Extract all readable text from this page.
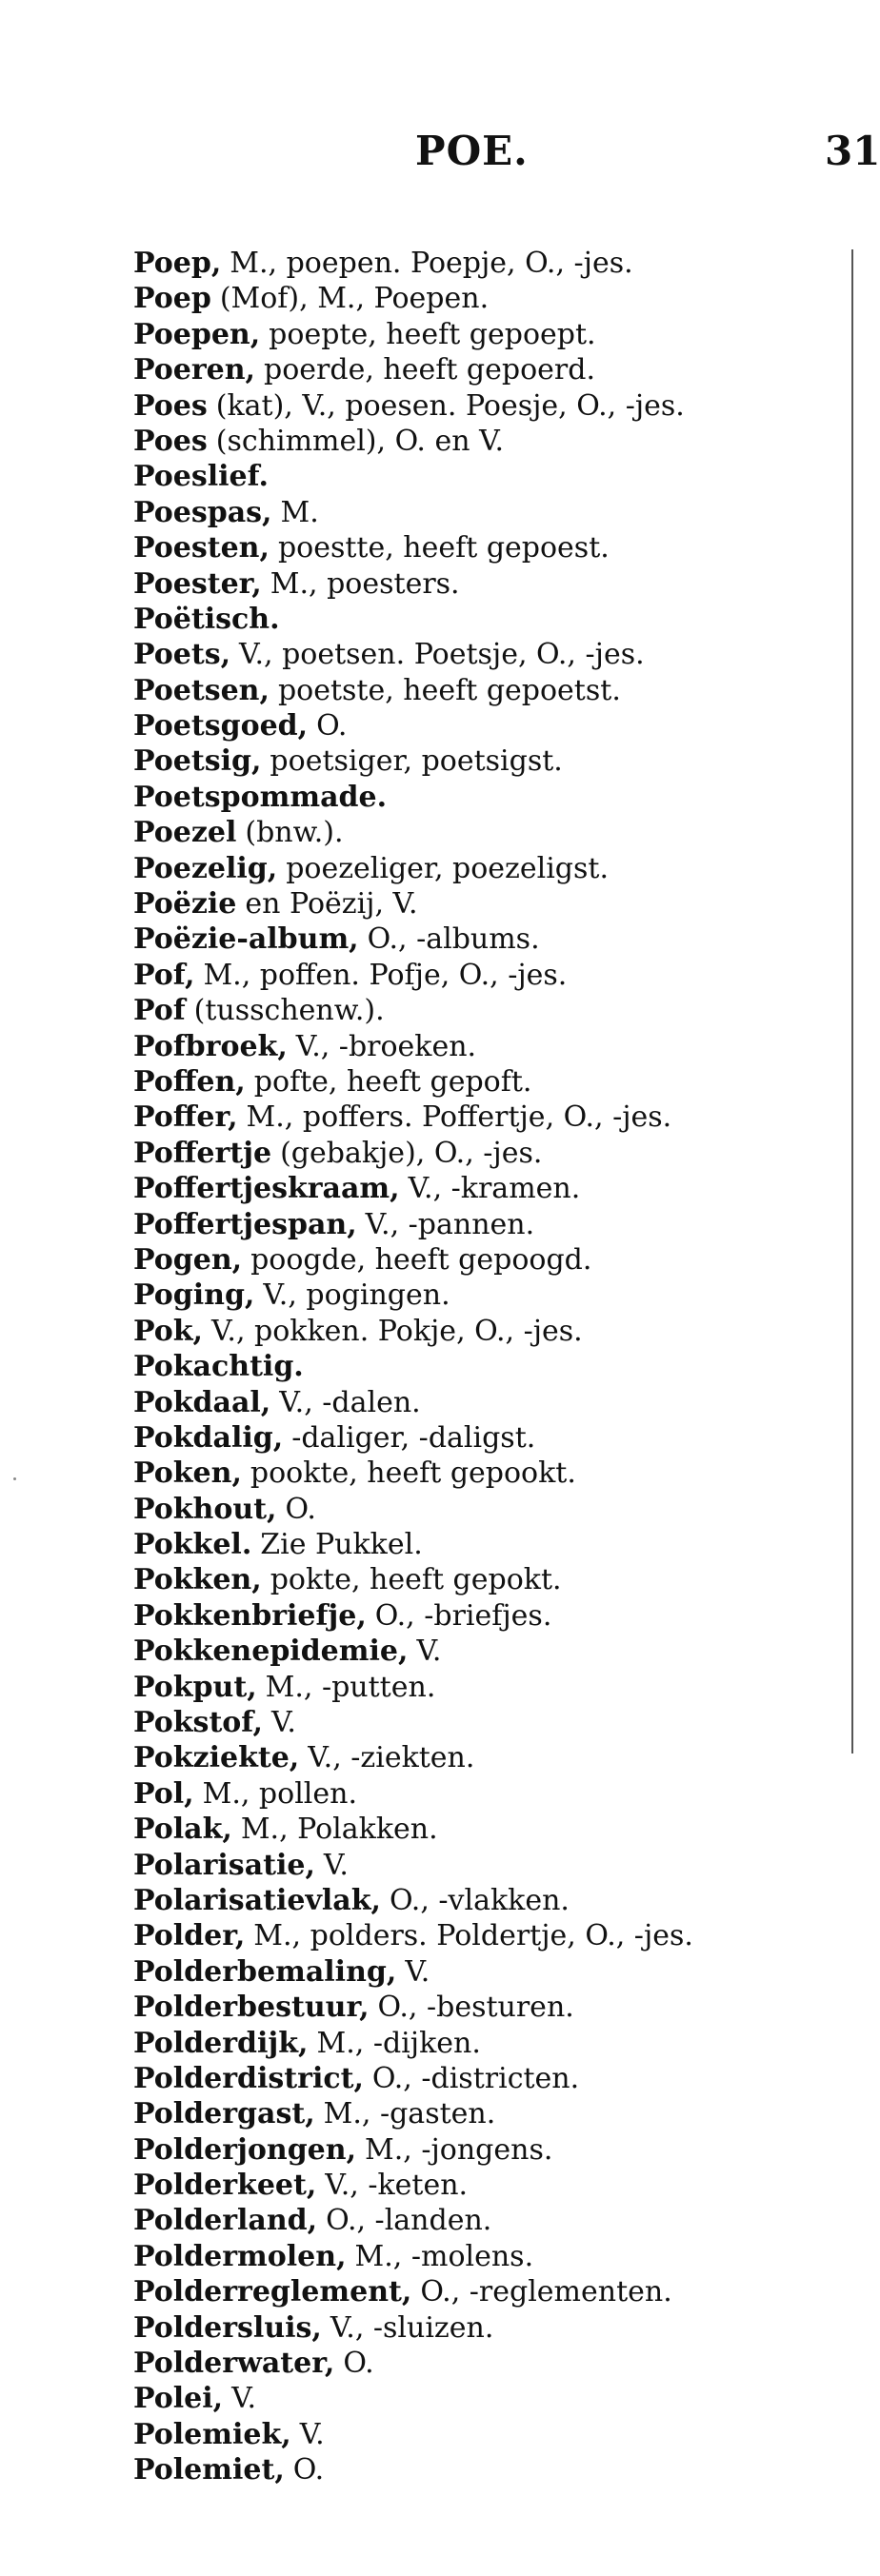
POE.	31
Poep, M., poepen. Poepje, O., -jes.
Poep (Mof), M., Poepen.
Poepen, poepte, heeft gepoept.
Poeren, poerde, heeft gepoerd.
Poes (kat), V., poesen. Poesje, O., -jes.
Poes (schimmel), O. en V.
Poeslief.
Poespas, M.
Poesten, poestte, heeft gepoest.
Poester, M., poesters.
Poëtisch.
Poets, V., poetsen. Poetsje, O., -jes.
Poetsen, poetste, heeft gepoetst.
Poetsgoed, O.
Poetsig, poetsiger, poetsigst.
Poetspommade.
Poezel (bnw.).
Poezelig, poezeliger, poezeligst.
Poëzie en Poëzij, V.
Poëzie-album, O., -albums.
Pof, M., poffen. Pofje, O., -jes.
Pof (tusschenw.).
Pofbroek, V., -broeken.
Poffen, pofte, heeft gepoft.
Poffer, M., poffers. Poffertje, O., -jes.
Poffertje (gebakje), O., -jes.
Poffertjeskraam, V., -kramen.
Poffertjespan, V., -pannen.
Pogen, poogde, heeft gepoogd.
Poging, V., pogingen.
Pok, V., pokken. Pokje, O., -jes.
Pokachtig.
Pokdaal, V., -dalen.
Pokdalig, -daliger, -daligst.
Poken, pookte, heeft gepookt.
Pokhout, O.
Pokkel. Zie Pukkel.
Pokken, pokte, heeft gepokt.
Pokkenbriefje, O., -briefjes.
Pokkenepidemie, V.
Pokput, M., -putten.
Pokstof, V.
Pokziekte, V., -ziekten.
Pol, M., pollen.
Polak, M., Polakken.
Polarisatie, V.
Polarisatievlak, O., -vlakken.
Polder, M., polders. Poldertje, O., -jes.
Polderbemaling, V.
Polderbestuur, O., -besturen.
Polderdijk, M., -dijken.
Polderdistrict, O., -districten.
Poldergast, M., -gasten.
Polderjongen, M., -jongens.
Polderkeet, V., -keten.
Polderland, O., -landen.
Poldermolen, M., -molens.
Polderreglement, O., -reglementen.
Poldersluis, V., -sluizen.
Polderwater, O.
Polei, V.
Polemiek, V.
Polemiet, O.
